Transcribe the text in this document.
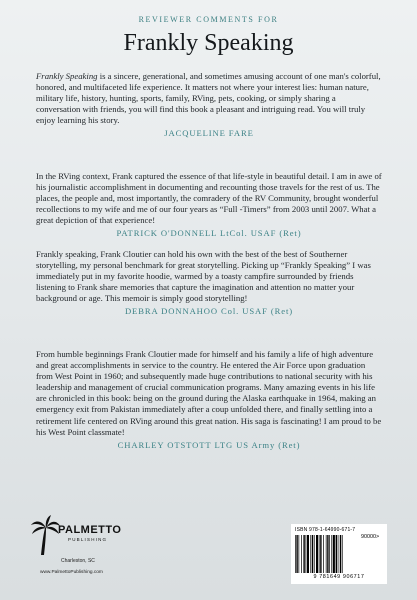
REVIEWER COMMENTS FOR
Frankly Speaking

Frankly Speaking is a sincere, generational, and sometimes amusing account of one man's colorful, honored, and multifaceted life experience. It matters not where your interest lies: human nature, military life, history, hunting, sports, family, RVing, pets, cooking, or simply sharing a conversation with friends, you will find this book a pleasant and intriguing read. You will truly enjoy learning his story.

JACQUELINE FARE

In the RVing context, Frank captured the essence of that life-style in beautiful detail. I am in awe of his journalistic accomplishment in documenting and recounting those travels for the rest of us. The places, the people and, most importantly, the comradery of the RV Community, brought wonderful recollections to my wife and me of our four years as “Full -Timers” from 2003 until 2007. What a great depiction of that experience!

PATRICK O'DONNELL LtCol. USAF (Ret)

Frankly speaking, Frank Cloutier can hold his own with the best of the best of Southerner storytelling, my personal benchmark for great storytelling. Picking up “Frankly Speaking” I was immediately put in my favorite hoodie, warmed by a toasty campfire surrounded by friends listening to Frank share memories that capture the imagination and attention no matter your background or age. This memoir is simply good storytelling!

DEBRA DONNAHOO Col. USAF (Ret)

From humble beginnings Frank Cloutier made for himself and his family a life of high adventure and great accomplishments in service to the country. He entered the Air Force upon graduation from West Point in 1960; and subsequently made huge contributions to national security with his leadership and management of crucial communication programs. Many amazing events in his life are chronicled in this book: being on the ground during the Alaska earthquake in 1964, making an emergency exit from Pakistan immediately after a coup unfolded there, and finally settling into a retirement life centered on RVing around this great nation. His saga is fascinating! I am proud to be his West Point classmate!

CHARLEY OTSTOTT LTG US Army (Ret)
PALMETTO
PUBLISHING
Charleston, SC
www.PalmettoPublishing.com
ISBN 978-1-64990-671-7
90000>
9 781649 906717
